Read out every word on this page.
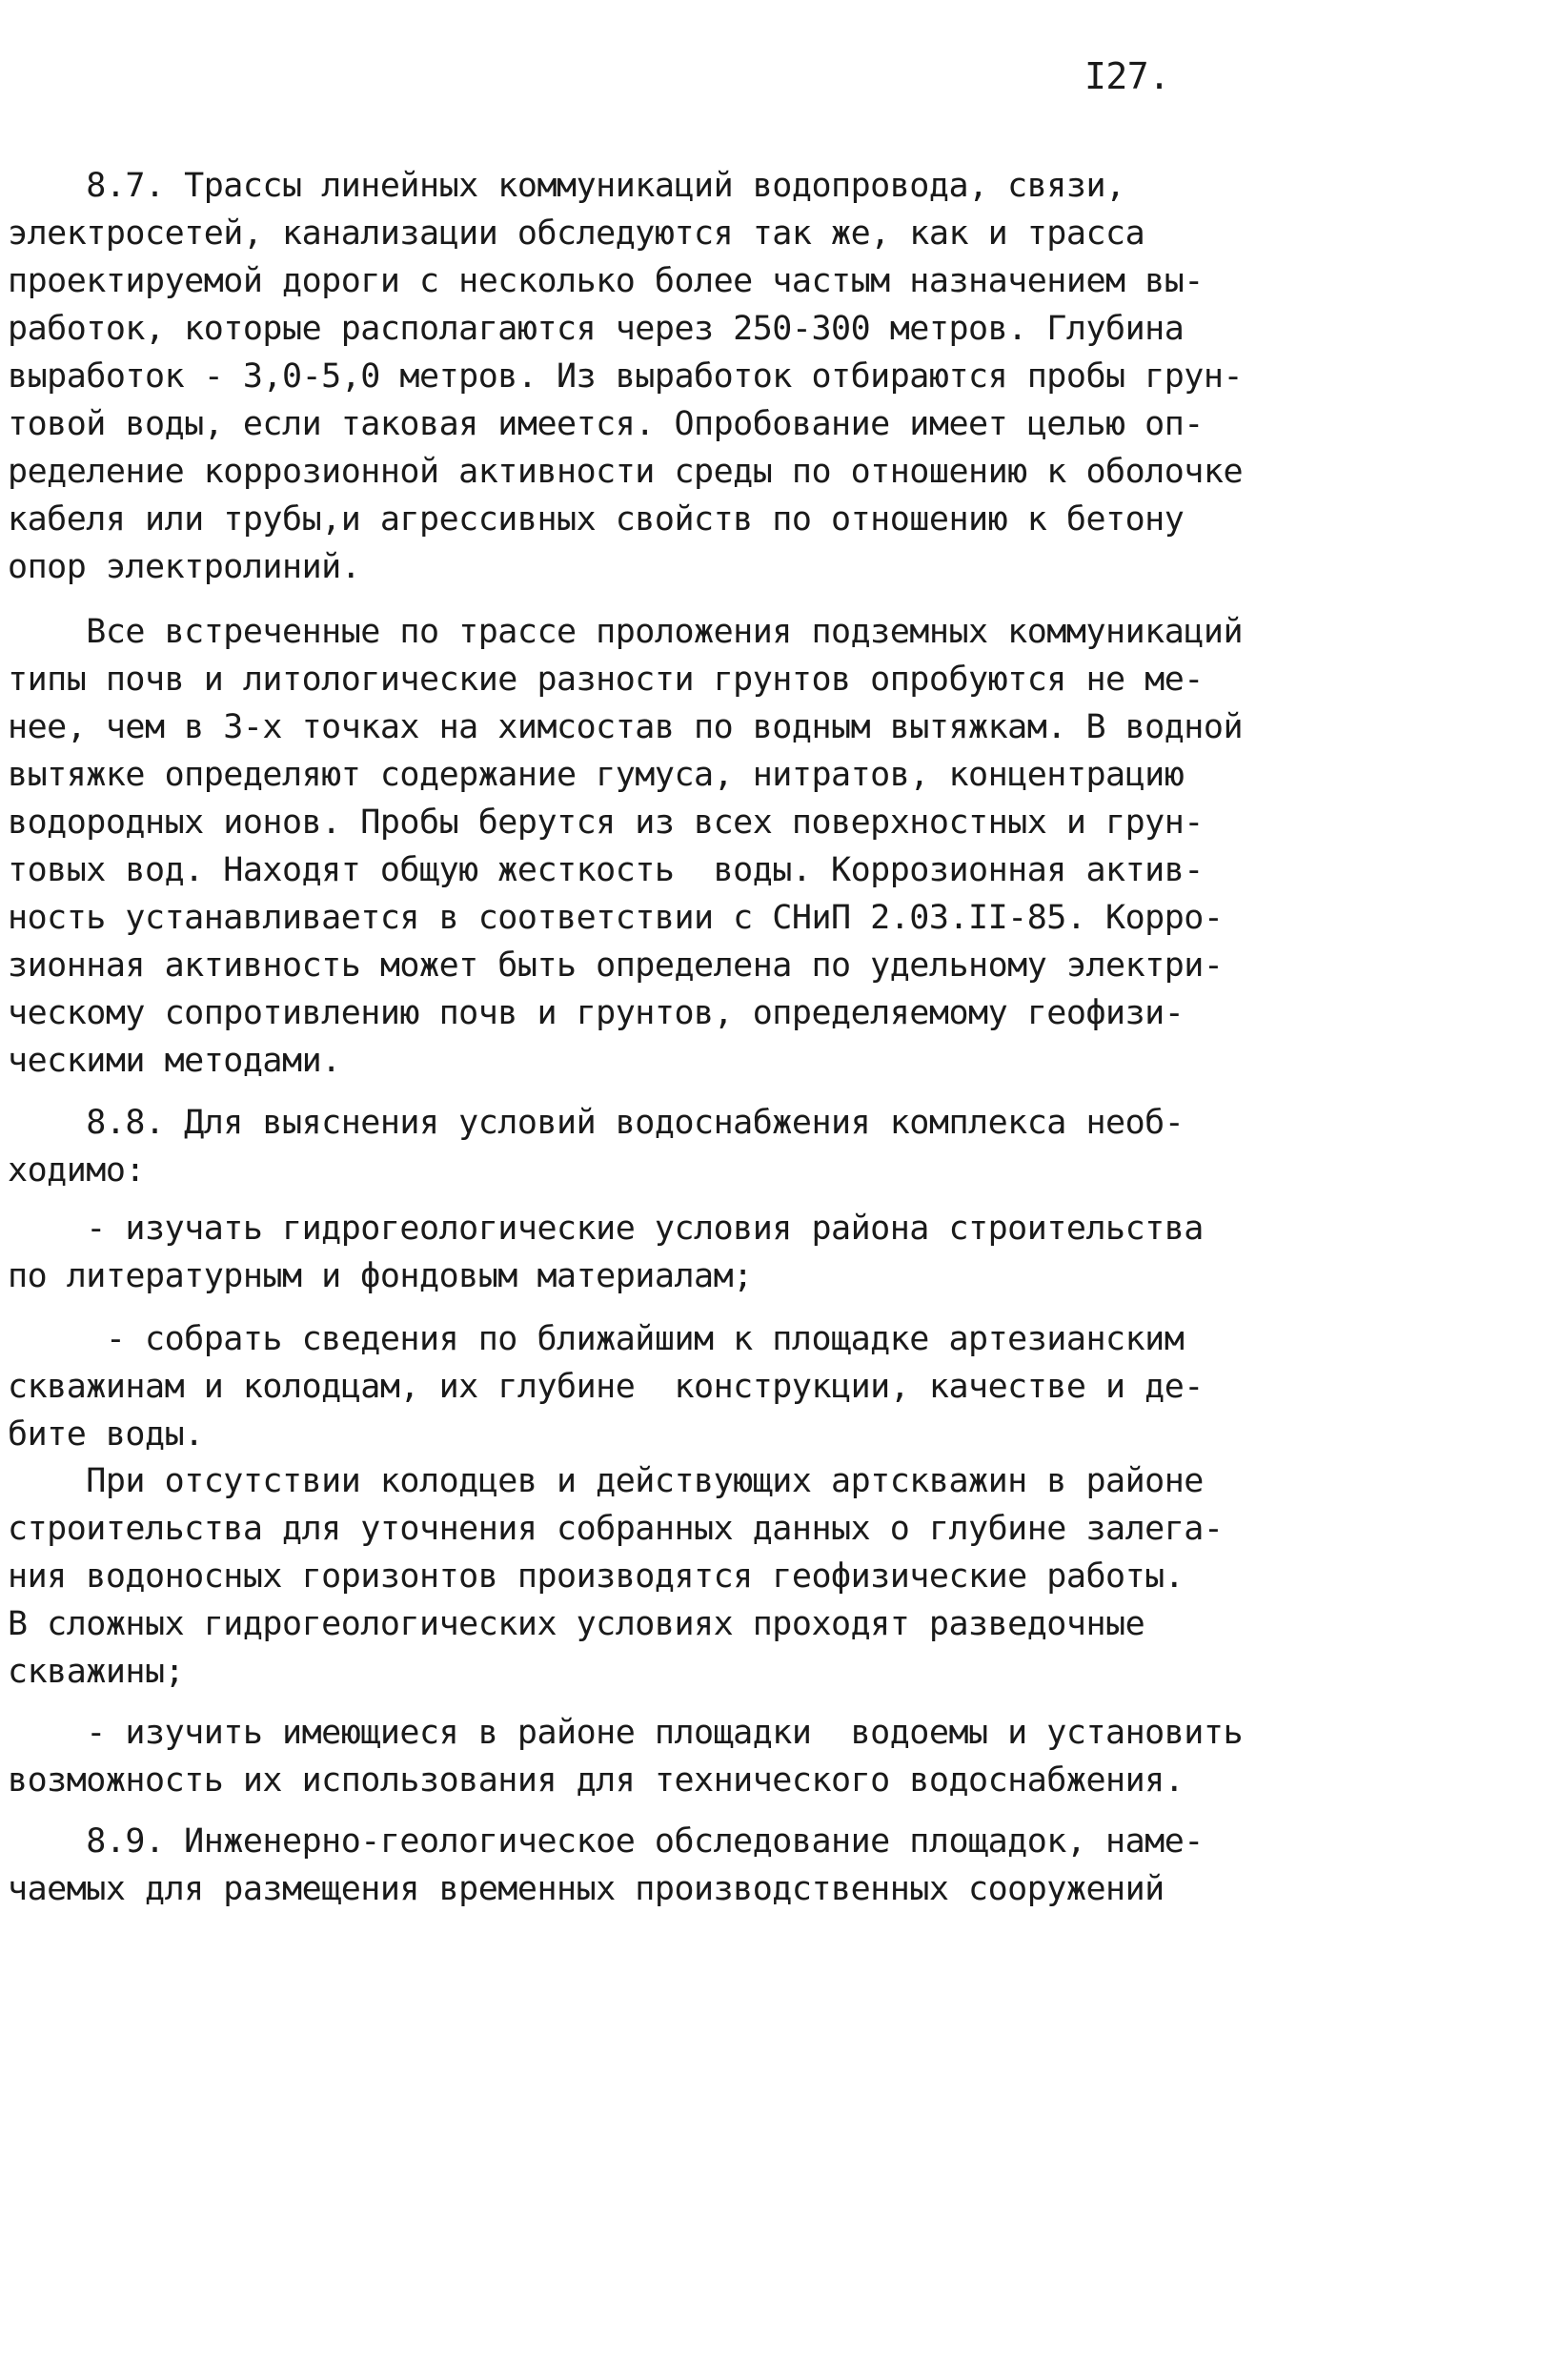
I27.
8.7. Трассы линейных коммуникаций водопровода, связи,
электросетей, канализации обследуются так же, как и трасса
проектируемой дороги с несколько более частым назначением вы-
работок, которые располагаются через 250-300 метров. Глубина
выработок - 3,0-5,0 метров. Из выработок отбираются пробы грун-
товой воды, если таковая имеется. Опробование имеет целью оп-
ределение коррозионной активности среды по отношению к оболочке
кабеля или трубы,и агрессивных свойств по отношению к бетону
опор электролиний.
Все встреченные по трассе проложения подземных коммуникаций
типы почв и литологические разности грунтов опробуются не ме-
нее, чем в 3-х точках на химсостав по водным вытяжкам. В водной
вытяжке определяют содержание гумуса, нитратов, концентрацию
водородных ионов. Пробы берутся из всех поверхностных и грун-
товых вод. Находят общую жесткость  воды. Коррозионная актив-
ность устанавливается в соответствии с СНиП 2.03.II-85. Корро-
зионная активность может быть определена по удельному электри-
ческому сопротивлению почв и грунтов, определяемому геофизи-
ческими методами.
8.8. Для выяснения условий водоснабжения комплекса необ-
ходимо:
- изучать гидрогеологические условия района строительства
по литературным и фондовым материалам;
- собрать сведения по ближайшим к площадке артезианским
скважинам и колодцам, их глубине  конструкции, качестве и де-
бите воды.
При отсутствии колодцев и действующих артскважин в районе
строительства для уточнения собранных данных о глубине залега-
ния водоносных горизонтов производятся геофизические работы.
В сложных гидрогеологических условиях проходят разведочные
скважины;
- изучить имеющиеся в районе площадки  водоемы и установить
возможность их использования для технического водоснабжения.
8.9. Инженерно-геологическое обследование площадок, наме-
чаемых для размещения временных производственных сооружений
